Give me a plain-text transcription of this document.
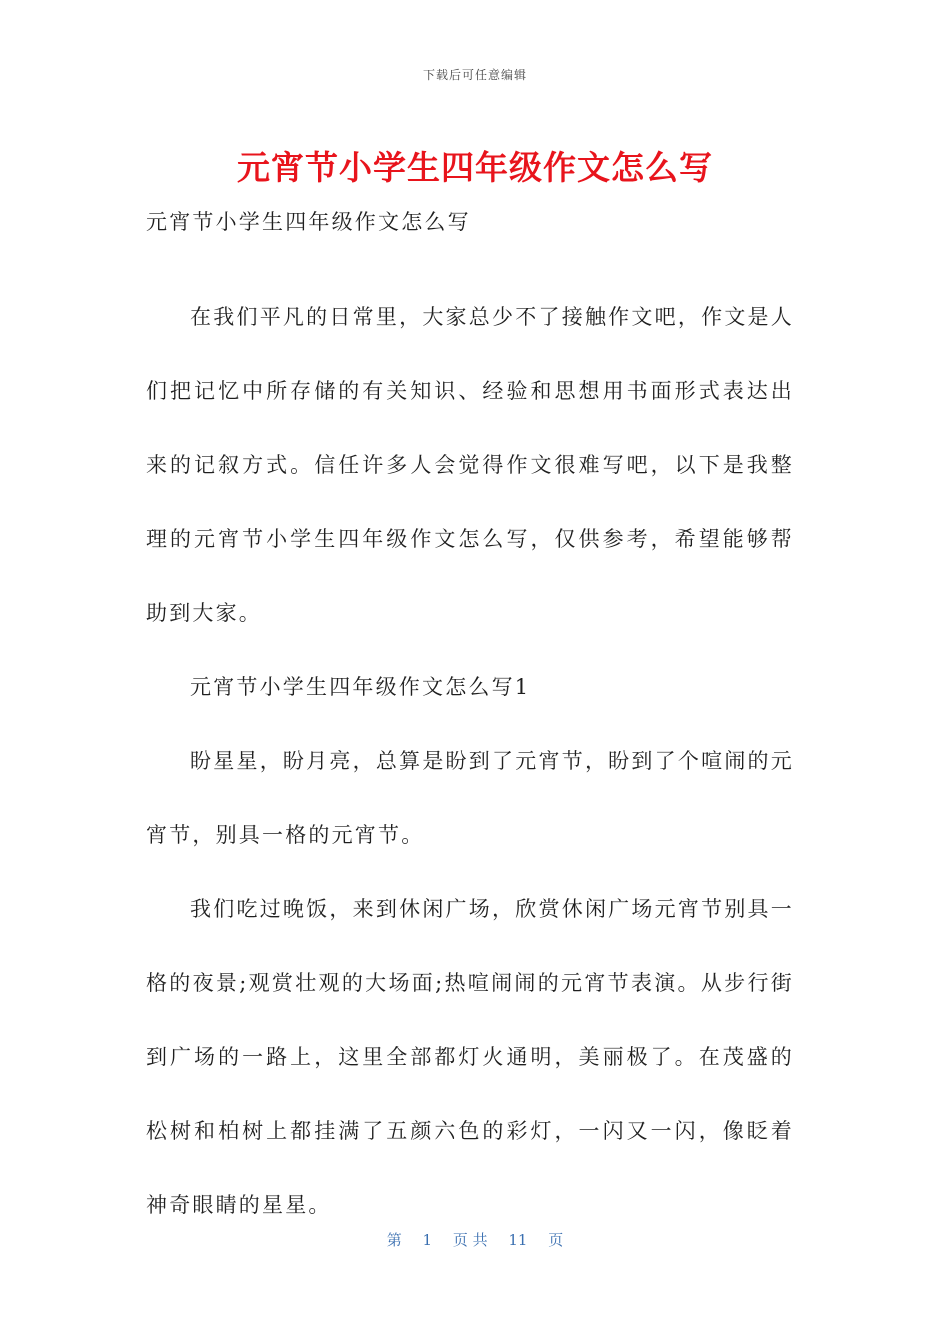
下载后可任意编辑
元宵节小学生四年级作文怎么写

元宵节小学生四年级作文怎么写

在我们平凡的日常里，大家总少不了接触作文吧，作文是人们把记忆中所存储的有关知识、经验和思想用书面形式表达出来的记叙方式。信任许多人会觉得作文很难写吧，以下是我整理的元宵节小学生四年级作文怎么写，仅供参考，希望能够帮助到大家。

元宵节小学生四年级作文怎么写1

盼星星，盼月亮，总算是盼到了元宵节，盼到了个喧闹的元宵节，别具一格的元宵节。

我们吃过晚饭，来到休闲广场，欣赏休闲广场元宵节别具一格的夜景;观赏壮观的大场面;热喧闹闹的元宵节表演。从步行街到广场的一路上，这里全部都灯火通明，美丽极了。在茂盛的松树和柏树上都挂满了五颜六色的彩灯，一闪又一闪，像眨着神奇眼睛的星星。

第 1 页 共 11 页
